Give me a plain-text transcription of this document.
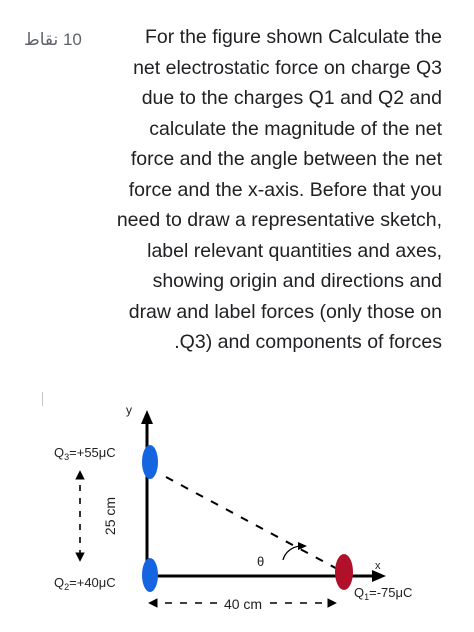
10 نقاط	For the figure shown Calculate the
net electrostatic force on charge Q3
due to the charges Q1 and Q2 and
calculate the magnitude of the net
force and the angle between the net
force and the x-axis. Before that you
need to draw a representative sketch,
label relevant quantities and axes,
showing origin and directions and
draw and label forces (only those on
.Q3) and components of forces
y
x
θ
25 cm
40 cm
$Q_3=+55\mu C$
$Q_2=+40\mu C$
$Q_1=-75\mu C$
